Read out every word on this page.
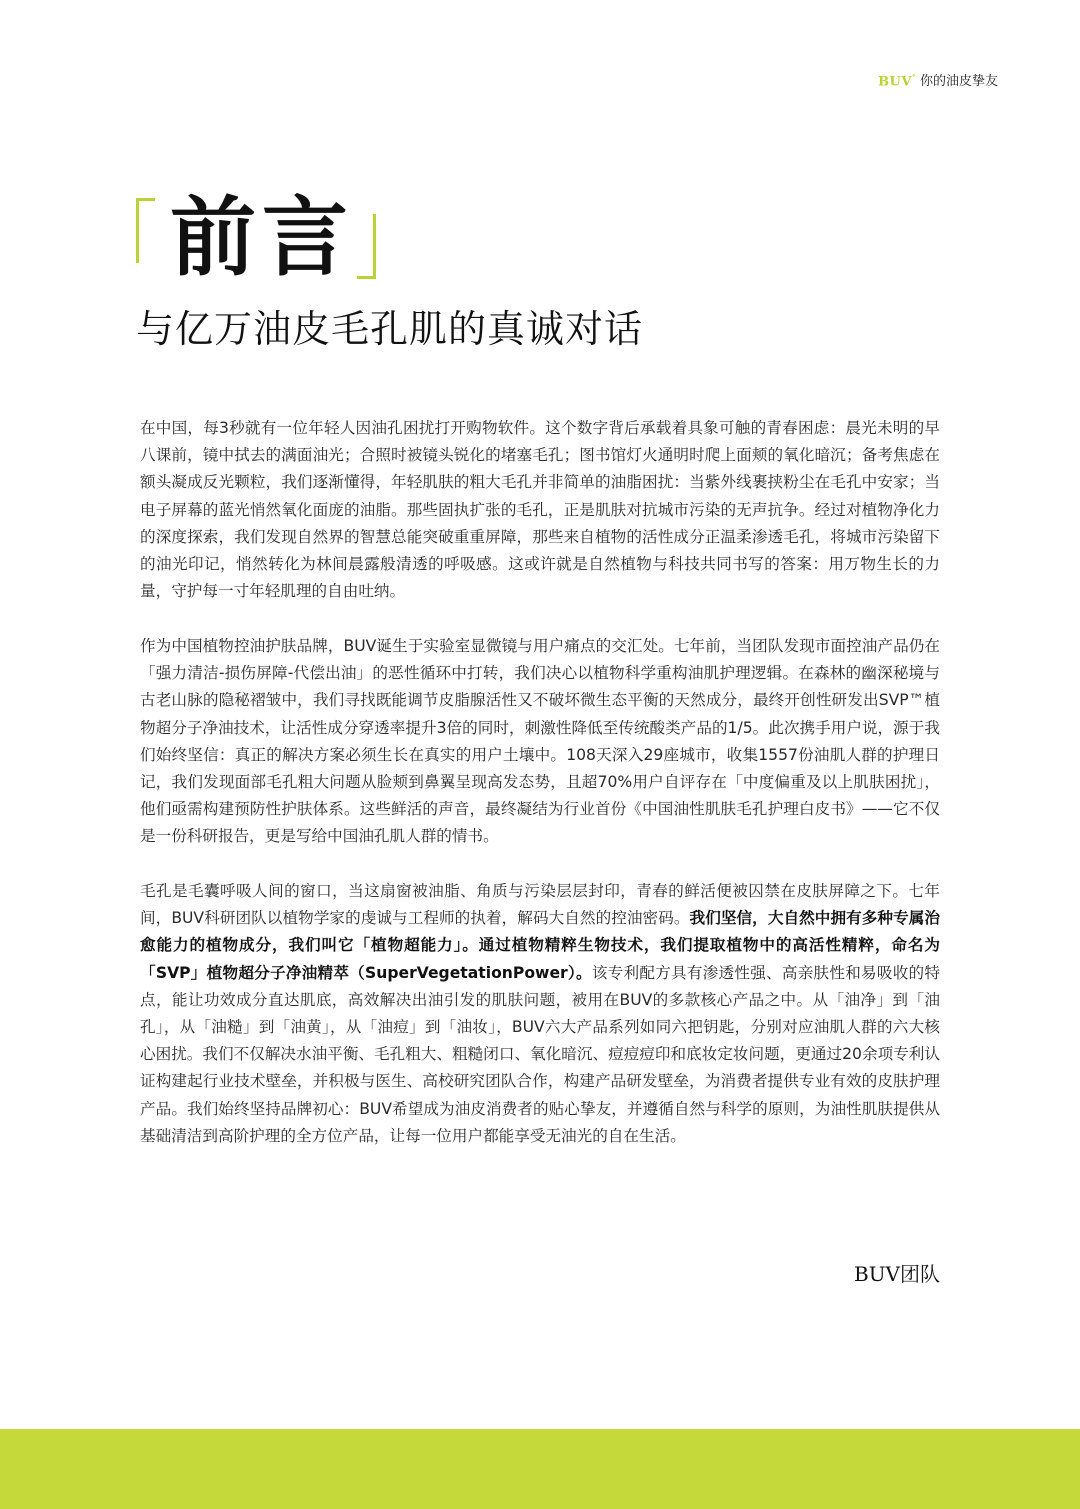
BUV° 你的油皮挚友
前言
与亿万油皮毛孔肌的真诚对话
在中国，每3秒就有一位年轻人因油孔困扰打开购物软件。这个数字背后承载着具象可触的青春困虑：晨光未明的早八课前，镜中拭去的满面油光；合照时被镜头锐化的堵塞毛孔；图书馆灯火通明时爬上面颊的氧化暗沉；备考焦虑在额头凝成反光颗粒，我们逐渐懂得，年轻肌肤的粗大毛孔并非简单的油脂困扰：当紫外线裹挟粉尘在毛孔中安家；当电子屏幕的蓝光悄然氧化面庞的油脂。那些固执扩张的毛孔，正是肌肤对抗城市污染的无声抗争。经过对植物净化力的深度探索，我们发现自然界的智慧总能突破重重屏障，那些来自植物的活性成分正温柔渗透毛孔，将城市污染留下的油光印记，悄然转化为林间晨露般清透的呼吸感。这或许就是自然植物与科技共同书写的答案：用万物生长的力量，守护每一寸年轻肌理的自由吐纳。
作为中国植物控油护肤品牌，BUV诞生于实验室显微镜与用户痛点的交汇处。七年前，当团队发现市面控油产品仍在「强力清洁-损伤屏障-代偿出油」的恶性循环中打转，我们决心以植物科学重构油肌护理逻辑。在森林的幽深秘境与古老山脉的隐秘褶皱中，我们寻找既能调节皮脂腺活性又不破坏微生态平衡的天然成分，最终开创性研发出SVP™植物超分子净油技术，让活性成分穿透率提升3倍的同时，刺激性降低至传统酸类产品的1/5。此次携手用户说，源于我们始终坚信：真正的解决方案必须生长在真实的用户土壤中。108天深入29座城市，收集1557份油肌人群的护理日记，我们发现面部毛孔粗大问题从脸颊到鼻翼呈现高发态势，且超70%用户自评存在「中度偏重及以上肌肤困扰」，他们亟需构建预防性护肤体系。这些鲜活的声音，最终凝结为行业首份《中国油性肌肤毛孔护理白皮书》——它不仅是一份科研报告，更是写给中国油孔肌人群的情书。
毛孔是毛囊呼吸人间的窗口，当这扇窗被油脂、角质与污染层层封印，青春的鲜活便被囚禁在皮肤屏障之下。七年间，BUV科研团队以植物学家的虔诚与工程师的执着，解码大自然的控油密码。我们坚信，大自然中拥有多种专属治愈能力的植物成分，我们叫它「植物超能力」。通过植物精粹生物技术，我们提取植物中的高活性精粹，命名为「SVP」植物超分子净油精萃（SuperVegetationPower）。该专利配方具有渗透性强、高亲肤性和易吸收的特点，能让功效成分直达肌底，高效解决出油引发的肌肤问题，被用在BUV的多款核心产品之中。从「油净」到「油孔」，从「油糙」到「油黄」，从「油痘」到「油妆」，BUV六大产品系列如同六把钥匙，分别对应油肌人群的六大核心困扰。我们不仅解决水油平衡、毛孔粗大、粗糙闭口、氧化暗沉、痘痘痘印和底妆定妆问题，更通过20余项专利认证构建起行业技术壁垒，并积极与医生、高校研究团队合作，构建产品研发壁垒，为消费者提供专业有效的皮肤护理产品。我们始终坚持品牌初心：BUV希望成为油皮消费者的贴心挚友，并遵循自然与科学的原则，为油性肌肤提供从基础清洁到高阶护理的全方位产品，让每一位用户都能享受无油光的自在生活。
BUV团队
